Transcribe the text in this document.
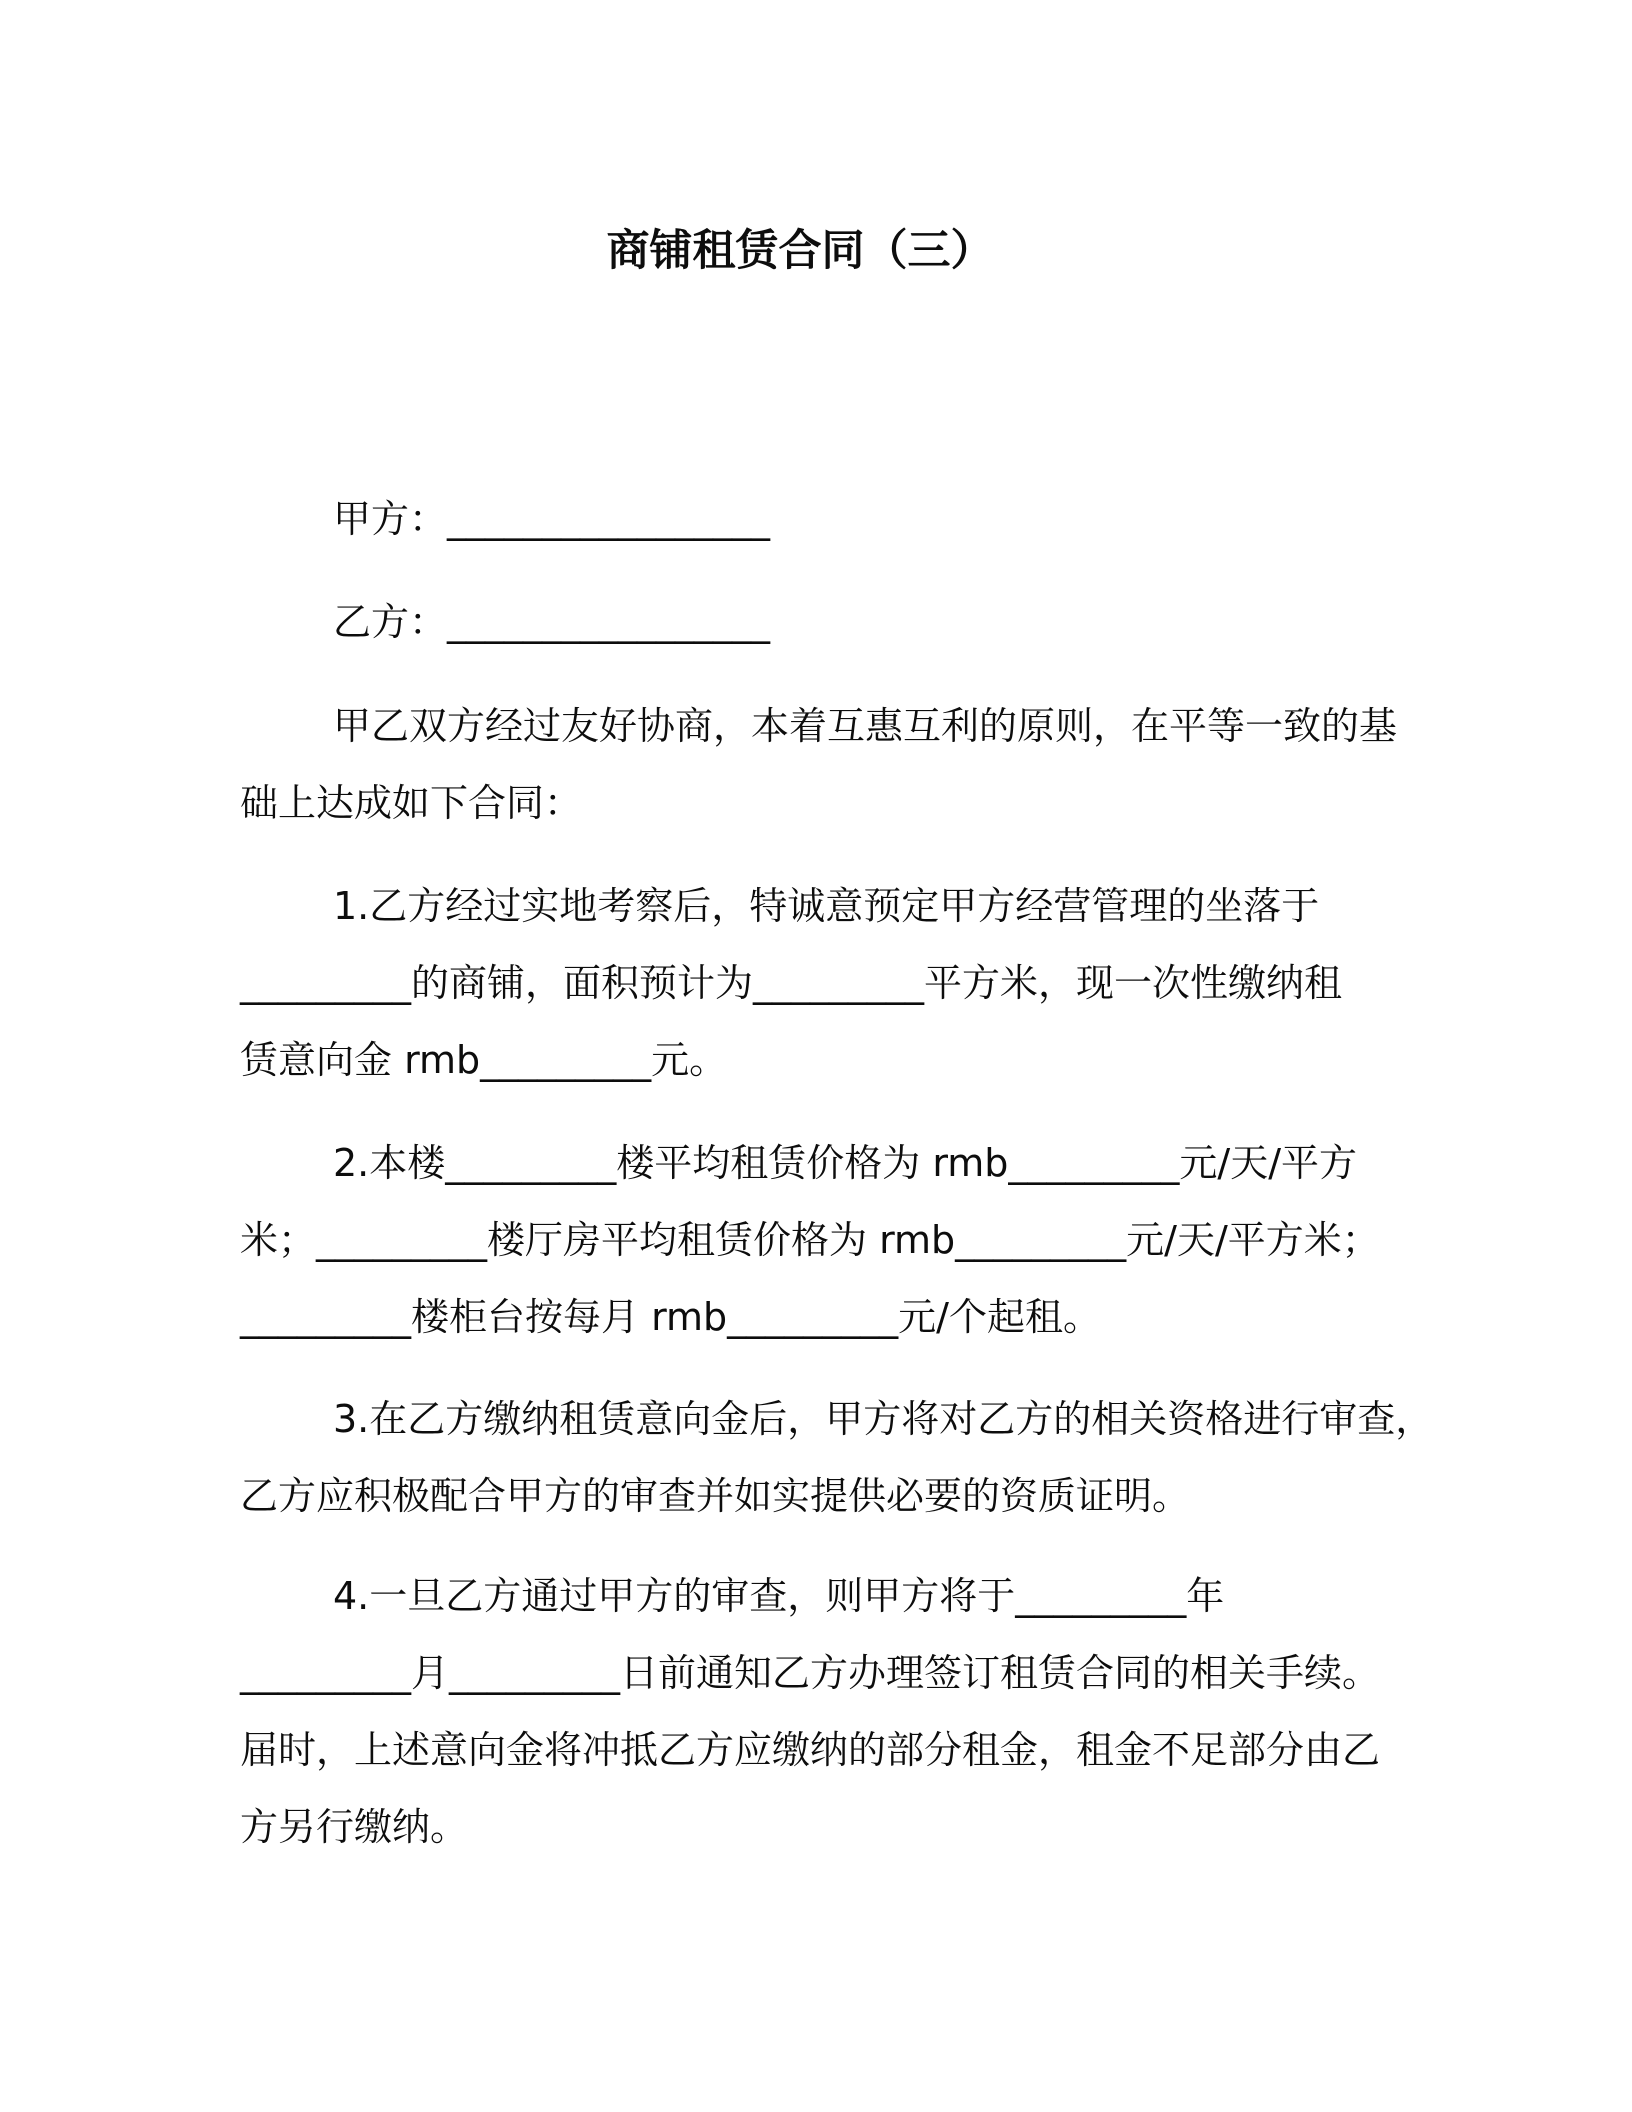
商铺租赁合同（三）
甲方：_________________
乙方：_________________
甲乙双方经过友好协商，本着互惠互利的原则，在平等一致的基
础上达成如下合同：
1.乙方经过实地考察后，特诚意预定甲方经营管理的坐落于
_________的商铺，面积预计为_________平方米，现一次性缴纳租
赁意向金 rmb_________元。
2.本楼_________楼平均租赁价格为 rmb_________元/天/平方
米；_________楼厅房平均租赁价格为 rmb_________元/天/平方米；
_________楼柜台按每月 rmb_________元/个起租。
3.在乙方缴纳租赁意向金后，甲方将对乙方的相关资格进行审查，
乙方应积极配合甲方的审查并如实提供必要的资质证明。
4.一旦乙方通过甲方的审查，则甲方将于_________年
_________月_________日前通知乙方办理签订租赁合同的相关手续。
届时，上述意向金将冲抵乙方应缴纳的部分租金，租金不足部分由乙
方另行缴纳。
